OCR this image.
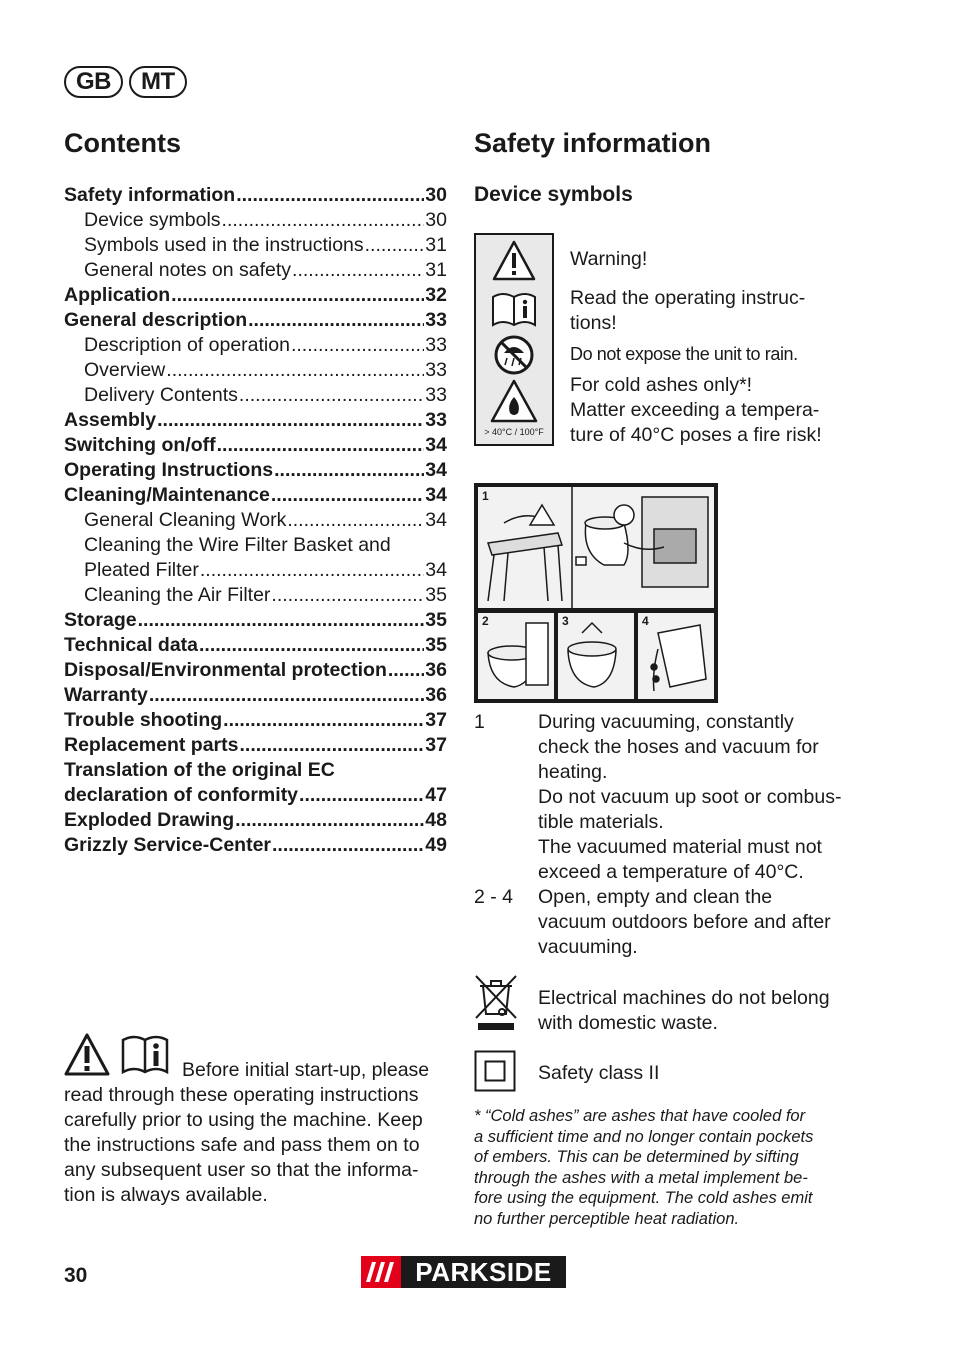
GB	MT
Contents
Safety information .....	30
Device symbols .....	30
Symbols used in the instructions .....	31
General notes on safety .....	31
Application .....	32
General description .....	33
Description of operation .....	33
Overview .....	33
Delivery Contents .....	33
Assembly .....	33
Switching on/off .....	34
Operating Instructions .....	34
Cleaning/Maintenance .....	34
General Cleaning Work .....	34
Cleaning the Wire Filter Basket and
Pleated Filter .....	34
Cleaning the Air Filter .....	35
Storage .....	35
Technical data .....	35
Disposal/Environmental protection ..... 36
Warranty .....	36
Trouble shooting .....	37
Replacement parts .....	37
Translation of the original EC
declaration of conformity .....	47
Exploded Drawing .....	48
Grizzly Service-Center .....	49
Before initial start-up, please
read through these operating instructions
carefully prior to using the machine. Keep
the instructions safe and pass them on to
any subsequent user so that the informa-
tion is always available.
Safety information
Device symbols
> 40°C / 100°F
Warning!
Read the operating instruc-
tions!
Do not expose the unit to rain.
For cold ashes only*!
Matter exceeding a tempera-
ture of 40°C poses a fire risk!
1
2	3	4
1	During vacuuming, constantly
check the hoses and vacuum for
heating.
Do not vacuum up soot or combus-
tible materials.
The vacuumed material must not
exceed a temperature of 40°C.
2 - 4 Open, empty and clean the
vacuum outdoors before and after
vacuuming.
Electrical machines do not belong
with domestic waste.
Safety class II
* “Cold ashes” are ashes that have cooled for
a sufficient time and no longer contain pockets
of embers. This can be determined by sifting
through the ashes with a metal implement be-
fore using the equipment. The cold ashes emit
no further perceptible heat radiation.
30	PARKSIDE
